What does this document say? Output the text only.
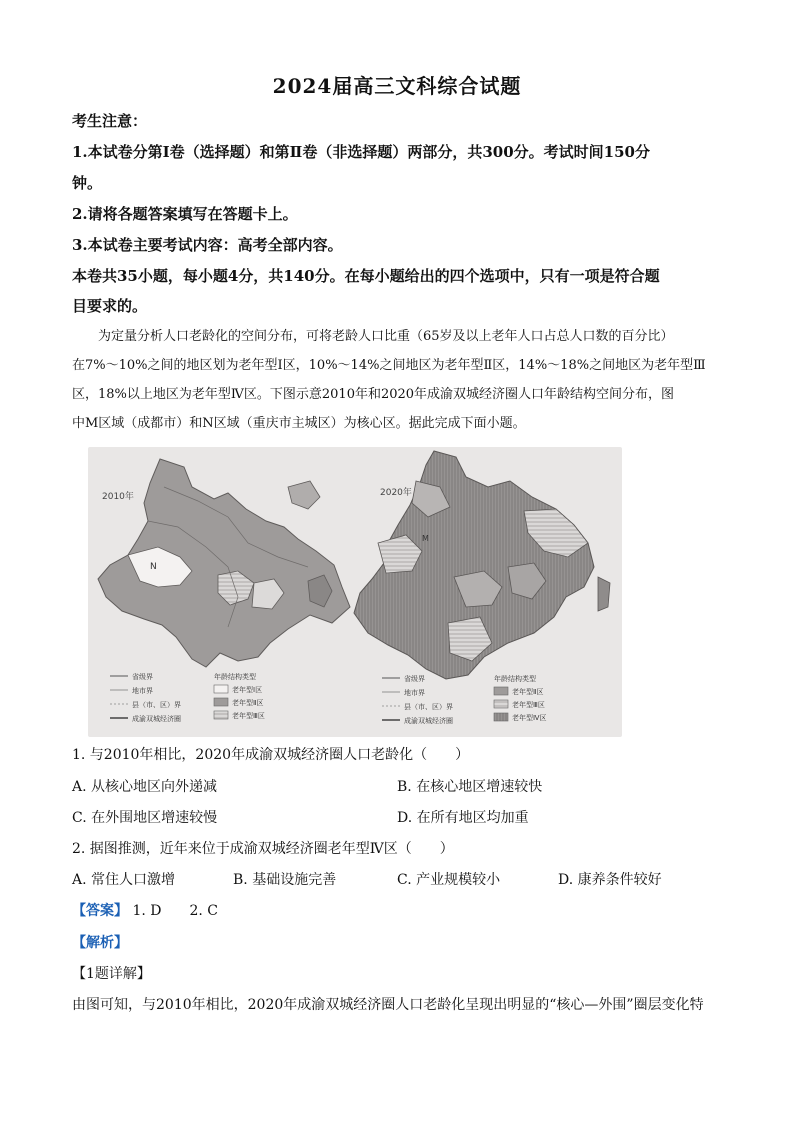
2024届高三文科综合试题
考生注意：
1.本试卷分第Ⅰ卷（选择题）和第Ⅱ卷（非选择题）两部分，共300分。考试时间150分
钟。
2.请将各题答案填写在答题卡上。
3.本试卷主要考试内容：高考全部内容。
本卷共35小题，每小题4分，共140分。在每小题给出的四个选项中，只有一项是符合题
目要求的。
为定量分析人口老龄化的空间分布，可将老龄人口比重（65岁及以上老年人口占总人口数的百分比）
在7%～10%之间的地区划为老年型Ⅰ区，10%～14%之间地区为老年型Ⅱ区，14%～18%之间地区为老年型Ⅲ
区，18%以上地区为老年型Ⅳ区。下图示意2010年和2020年成渝双城经济圈人口年龄结构空间分布，图
中M区域（成都市）和N区域（重庆市主城区）为核心区。据此完成下面小题。
2010年
N
2020年
M
省级界
地市界
县（市、区）界
成渝双城经济圈
年龄结构类型
老年型Ⅰ区
老年型Ⅱ区
老年型Ⅲ区
省级界
地市界
县（市、区）界
成渝双城经济圈
年龄结构类型
老年型Ⅱ区
老年型Ⅲ区
老年型Ⅳ区
1. 与2010年相比，2020年成渝双城经济圈人口老龄化（　　）
A. 从核心地区向外递减	B. 在核心地区增速较快
C. 在外围地区增速较慢	D. 在所有地区均加重
2. 据图推测，近年来位于成渝双城经济圈老年型Ⅳ区（　　）
A. 常住人口激增	B. 基础设施完善	C. 产业规模较小	D. 康养条件较好
【答案】 1. D　　2. C
【解析】
【1题详解】
由图可知，与2010年相比，2020年成渝双城经济圈人口老龄化呈现出明显的“核心—外围”圈层变化特
